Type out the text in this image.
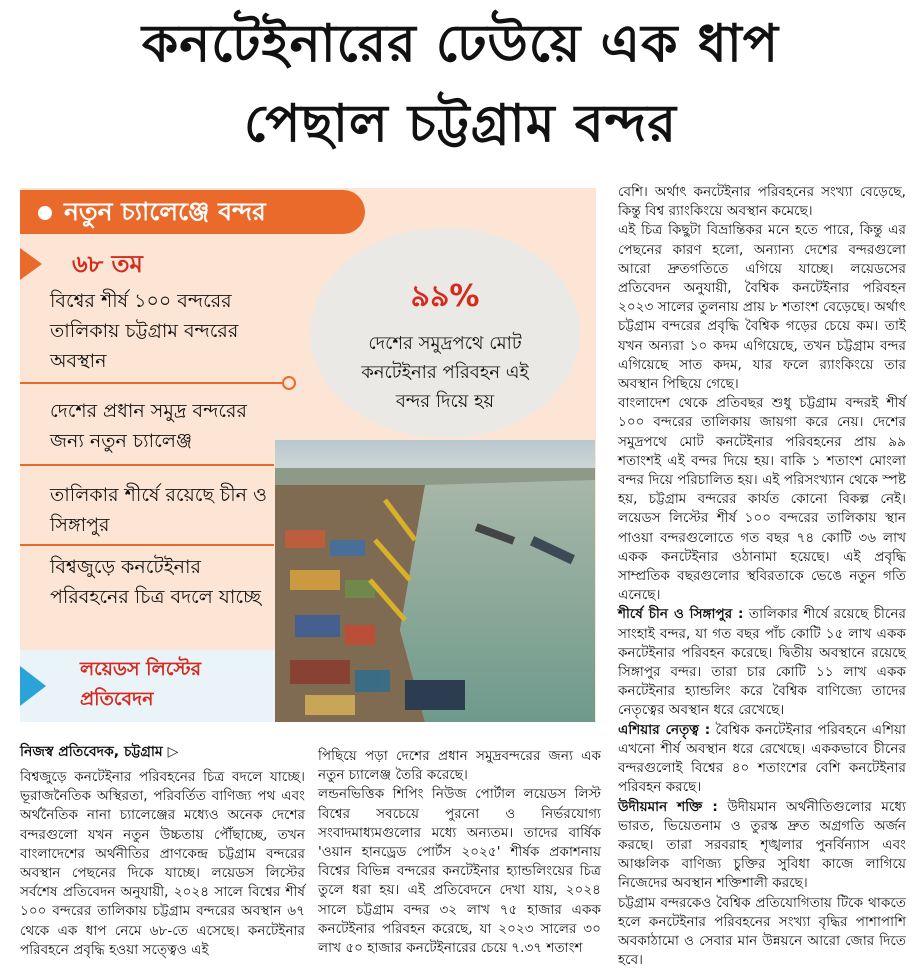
কনটেইনারের ঢেউয়ে এক ধাপ
পেছাল চট্টগ্রাম বন্দর
নতুন চ্যালেঞ্জে বন্দর
৬৮ তম
বিশ্বের শীর্ষ ১০০ বন্দরের তালিকায় চট্টগ্রাম বন্দরের অবস্থান
দেশের প্রধান সমুদ্র বন্দরের জন্য নতুন চ্যালেঞ্জ
তালিকার শীর্ষে রয়েছে চীন ও সিঙ্গাপুর
বিশ্বজুড়ে কনটেইনার পরিবহনের চিত্র বদলে যাচ্ছে
৯৯%
দেশের সমুদ্রপথে মোট কনটেইনার পরিবহন এই বন্দর দিয়ে হয়
লয়েডস লিস্টের প্রতিবেদন
নিজস্ব প্রতিবেদক, চট্টগ্রাম ▷

বিশ্বজুড়ে কনটেইনার পরিবহনের চিত্র বদলে যাচ্ছে। ভূরাজনৈতিক অস্থিরতা, পরিবর্তিত বাণিজ্য পথ এবং অর্থনৈতিক নানা চ্যালেঞ্জের মধ্যেও অনেক দেশের বন্দরগুলো যখন নতুন উচ্চতায় পৌঁছাচ্ছে, তখন বাংলাদেশের অর্থনীতির প্রাণকেন্দ্র চট্টগ্রাম বন্দরের অবস্থান পেছনের দিকে যাচ্ছে। লয়েডস লিস্টের সর্বশেষ প্রতিবেদন অনুযায়ী, ২০২৪ সালে বিশ্বের শীর্ষ ১০০ বন্দরের তালিকায় চট্টগ্রাম বন্দরের অবস্থান ৬৭ থেকে এক ধাপ নেমে ৬৮-তে এসেছে। কনটেইনার পরিবহনে প্রবৃদ্ধি হওয়া সত্ত্বেও এই

পিছিয়ে পড়া দেশের প্রধান সমুদ্রবন্দরের জন্য এক নতুন চ্যালেঞ্জ তৈরি করেছে।

লন্ডনভিত্তিক শিপিং নিউজ পোর্টাল লয়েডস লিস্ট বিশ্বের সবচেয়ে পুরনো ও নির্ভরযোগ্য সংবাদমাধ্যমগুলোর মধ্যে অন্যতম। তাদের বার্ষিক 'ওয়ান হানড্রেড পোর্টস ২০২৫' শীর্ষক প্রকাশনায় বিশ্বের বিভিন্ন বন্দরের কনটেইনার হ্যান্ডলিংয়ের চিত্র তুলে ধরা হয়। এই প্রতিবেদনে দেখা যায়, ২০২৪ সালে চট্টগ্রাম বন্দর ৩২ লাখ ৭৫ হাজার একক কনটেইনার পরিবহন করেছে, যা ২০২৩ সালের ৩০ লাখ ৫০ হাজার কনটেইনারের চেয়ে ৭.৩৭ শতাংশ

বেশি। অর্থাৎ কনটেইনার পরিবহনের সংখ্যা বেড়েছে, কিন্তু বিশ্ব র‍্যাংকিংয়ে অবস্থান কমেছে।

এই চিত্র কিছুটা বিভ্রান্তিকর মনে হতে পারে, কিন্তু এর পেছনের কারণ হলো, অন্যান্য দেশের বন্দরগুলো আরো দ্রুতগতিতে এগিয়ে যাচ্ছে। লয়েডসের প্রতিবেদন অনুযায়ী, বৈশ্বিক কনটেইনার পরিবহন ২০২৩ সালের তুলনায় প্রায় ৮ শতাংশ বেড়েছে। অর্থাৎ চট্টগ্রাম বন্দরের প্রবৃদ্ধি বৈশ্বিক গড়ের চেয়ে কম। তাই যখন অন্যরা ১০ কদম এগিয়েছে, তখন চট্টগ্রাম বন্দর এগিয়েছে সাত কদম, যার ফলে র‍্যাংকিংয়ে তার অবস্থান পিছিয়ে গেছে।

বাংলাদেশ থেকে প্রতিবছর শুধু চট্টগ্রাম বন্দরই শীর্ষ ১০০ বন্দরের তালিকায় জায়গা করে নেয়। দেশের সমুদ্রপথে মোট কনটেইনার পরিবহনের প্রায় ৯৯ শতাংশই এই বন্দর দিয়ে হয়। বাকি ১ শতাংশ মোংলা বন্দর দিয়ে পরিচালিত হয়। এই পরিসংখ্যান থেকে স্পষ্ট হয়, চট্টগ্রাম বন্দরের কার্যত কোনো বিকল্প নেই। লয়েডস লিস্টের শীর্ষ ১০০ বন্দরের তালিকায় স্থান পাওয়া বন্দরগুলোতে গত বছর ৭৪ কোটি ৩৬ লাখ একক কনটেইনার ওঠানামা হয়েছে। এই প্রবৃদ্ধি সাম্প্রতিক বছরগুলোর স্থবিরতাকে ভেঙে নতুন গতি এনেছে।

শীর্ষে চীন ও সিঙ্গাপুর : তালিকার শীর্ষে রয়েছে চীনের সাংহাই বন্দর, যা গত বছর পাঁচ কোটি ১৫ লাখ একক কনটেইনার পরিবহন করেছে। দ্বিতীয় অবস্থানে রয়েছে সিঙ্গাপুর বন্দর। তারা চার কোটি ১১ লাখ একক কনটেইনার হ্যান্ডলিং করে বৈশ্বিক বাণিজ্যে তাদের নেতৃত্বের অবস্থান ধরে রেখেছে।

এশিয়ার নেতৃত্ব : বৈশ্বিক কনটেইনার পরিবহনে এশিয়া এখনো শীর্ষ অবস্থান ধরে রেখেছে। এককভাবে চীনের বন্দরগুলোই বিশ্বের ৪০ শতাংশের বেশি কনটেইনার পরিবহন করছে।

উদীয়মান শক্তি : উদীয়মান অর্থনীতিগুলোর মধ্যে ভারত, ভিয়েতনাম ও তুরস্ক দ্রুত অগ্রগতি অর্জন করছে। তারা সরবরাহ শৃঙ্খলার পুনর্বিন্যাস এবং আঞ্চলিক বাণিজ্য চুক্তির সুবিধা কাজে লাগিয়ে নিজেদের অবস্থান শক্তিশালী করছে।

চট্টগ্রাম বন্দরকেও বৈশ্বিক প্রতিযোগিতায় টিকে থাকতে হলে কনটেইনার পরিবহনের সংখ্যা বৃদ্ধির পাশাপাশি অবকাঠামো ও সেবার মান উন্নয়নে আরো জোর দিতে হবে।
